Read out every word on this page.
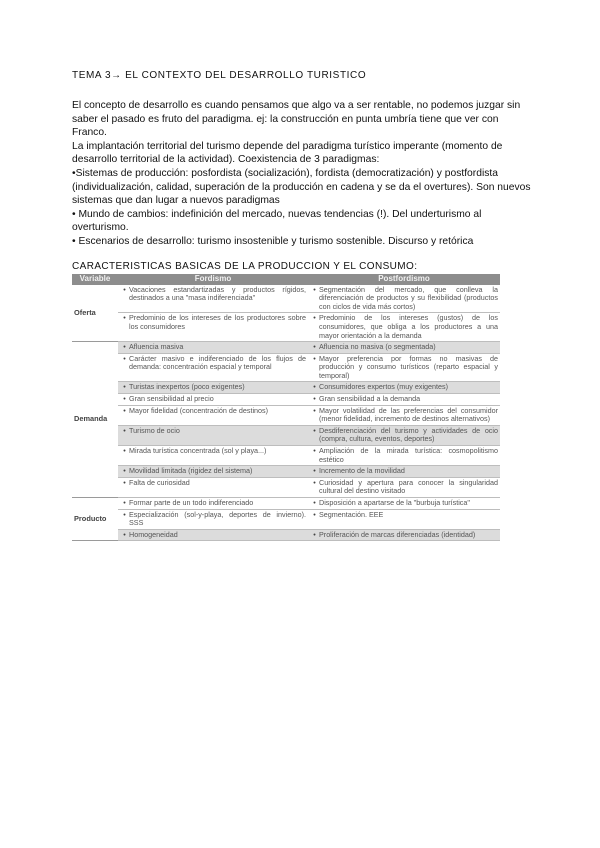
TEMA 3→ EL CONTEXTO DEL DESARROLLO TURISTICO

El concepto de desarrollo es cuando pensamos que algo va a ser rentable, no podemos juzgar sin saber el pasado es fruto del paradigma. ej: la construcción en punta umbría tiene que ver con Franco.

La implantación territorial del turismo depende del paradigma turístico imperante (momento de desarrollo territorial de la actividad). Coexistencia de 3 paradigmas:

•Sistemas de producción: posfordista (socialización), fordista (democratización) y postfordista (individualización, calidad, superación de la producción en cadena y se da el overtures). Son nuevos sistemas que dan lugar a nuevos paradigmas

• Mundo de cambios: indefinición del mercado, nuevas tendencias (!). Del underturismo al overturismo.

• Escenarios de desarrollo: turismo insostenible y turismo sostenible. Discurso y retórica

CARACTERISTICAS BASICAS DE LA PRODUCCION Y EL CONSUMO:
Variable	Fordismo	Postfordismo
Oferta	• Vacaciones estandartizadas y productos rígidos, destinados a una "masa indiferenciada"	• Segmentación del mercado, que conlleva la diferenciación de productos y su flexibilidad (productos con ciclos de vida más cortos)

	• Predominio de los intereses de los productores sobre los consumidores	• Predominio de los intereses (gustos) de los consumidores, que obliga a los productores a una mayor orientación a la demanda

Demanda	• Afluencia masiva	• Afluencia no masiva (o segmentada)

	• Carácter masivo e indiferenciado de los flujos de demanda: concentración espacial y temporal	• Mayor preferencia por formas no masivas de producción y consumo turísticos (reparto espacial y temporal)

	• Turistas inexpertos (poco exigentes)	• Consumidores expertos (muy exigentes)

	• Gran sensibilidad al precio	• Gran sensibilidad a la demanda

	• Mayor fidelidad (concentración de destinos)	• Mayor volatilidad de las preferencias del consumidor (menor fidelidad, incremento de destinos alternativos)

	• Turismo de ocio	• Desdiferenciación del turismo y actividades de ocio (compra, cultura, eventos, deportes)

	• Mirada turística concentrada (sol y playa...)	• Ampliación de la mirada turística: cosmopolitismo estético

	• Movilidad limitada (rigidez del sistema)	• Incremento de la movilidad

	• Falta de curiosidad	• Curiosidad y apertura para conocer la singularidad cultural del destino visitado

Producto	• Formar parte de un todo indiferenciado	• Disposición a apartarse de la "burbuja turística"

	• Especialización (sol-y-playa, deportes de invierno). SSS	• Segmentación. EEE

	• Homogeneidad	• Proliferación de marcas diferenciadas (identidad)
